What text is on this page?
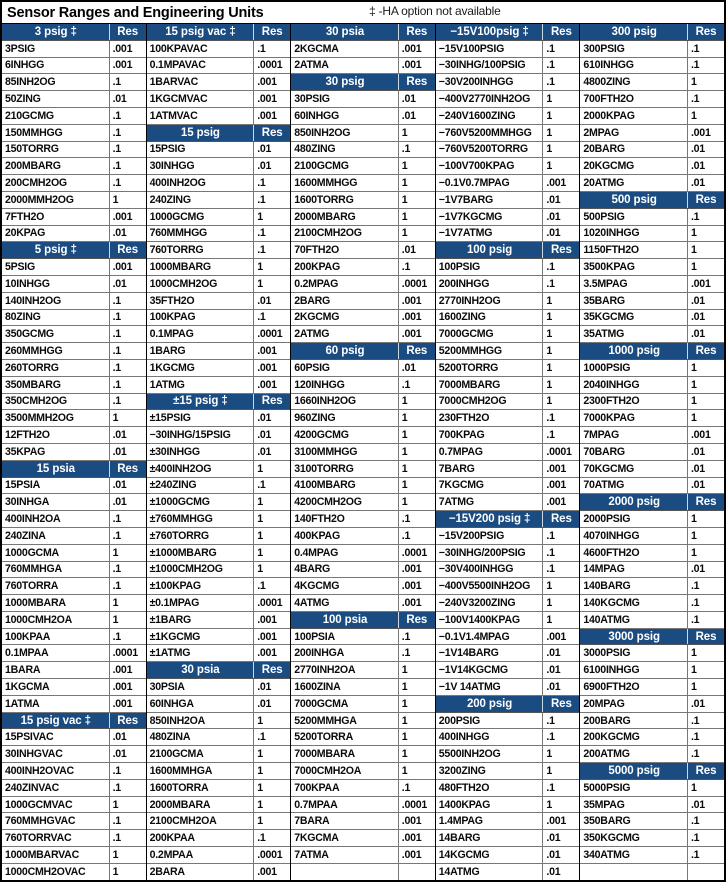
Sensor Ranges and Engineering Units	‡ -HA option not available
3 psig ‡	Res
3PSIG	.001
6INHGG	.001
85INH2OG	.1
50ZING	.01
210GCMG	.1
150MMHGG	.1
150TORRG	.1
200MBARG	.1
200CMH2OG	.1
2000MMH2OG	1
7FTH2O	.001
20KPAG	.01
5 psig ‡	Res
5PSIG	.001
10INHGG	.01
140INH2OG	.1
80ZING	.1
350GCMG	.1
260MMHGG	.1
260TORRG	.1
350MBARG	.1
350CMH2OG	.1
3500MMH2OG	1
12FTH2O	.01
35KPAG	.01
15 psia	Res
15PSIA	.01
30INHGA	.01
400INH2OA	.1
240ZINA	.1
1000GCMA	1
760MMHGA	.1
760TORRA	.1
1000MBARA	1
1000CMH2OA	1
100KPAA	.1
0.1MPAA	.0001
1BARA	.001
1KGCMA	.001
1ATMA	.001
15 psig vac ‡	Res
15PSIVAC	.01
30INHGVAC	.01
400INH2OVAC	.1
240ZINVAC	.1
1000GCMVAC	1
760MMHGVAC	.1
760TORRVAC	.1
1000MBARVAC	1
1000CMH2OVAC	1
15 psig vac ‡	Res
100KPAVAC	.1
0.1MPAVAC	.0001
1BARVAC	.001
1KGCMVAC	.001
1ATMVAC	.001
15 psig	Res
15PSIG	.01
30INHGG	.01
400INH2OG	.1
240ZING	.1
1000GCMG	1
760MMHGG	.1
760TORRG	.1
1000MBARG	1
1000CMH2OG	1
35FTH2O	.01
100KPAG	.1
0.1MPAG	.0001
1BARG	.001
1KGCMG	.001
1ATMG	.001
±15 psig ‡	Res
±15PSIG	.01
−30INHG/15PSIG	.01
±30INHGG	.01
±400INH2OG	1
±240ZING	.1
±1000GCMG	1
±760MMHGG	1
±760TORRG	1
±1000MBARG	1
±1000CMH2OG	1
±100KPAG	.1
±0.1MPAG	.0001
±1BARG	.001
±1KGCMG	.001
±1ATMG	.001
30 psia	Res
30PSIA	.01
60INHGA	.01
850INH2OA	1
480ZINA	.1
2100GCMA	1
1600MMHGA	1
1600TORRA	1
2000MBARA	1
2100CMH2OA	1
200KPAA	.1
0.2MPAA	.0001
2BARA	.001
30 psia	Res
2KGCMA	.001
2ATMA	.001
30 psig	Res
30PSIG	.01
60INHGG	.01
850INH2OG	1
480ZING	.1
2100GCMG	1
1600MMHGG	1
1600TORRG	1
2000MBARG	1
2100CMH2OG	1
70FTH2O	.01
200KPAG	.1
0.2MPAG	.0001
2BARG	.001
2KGCMG	.001
2ATMG	.001
60 psig	Res
60PSIG	.01
120INHGG	.1
1660INH2OG	1
960ZING	1
4200GCMG	1
3100MMHGG	1
3100TORRG	1
4100MBARG	1
4200CMH2OG	1
140FTH2O	.1
400KPAG	.1
0.4MPAG	.0001
4BARG	.001
4KGCMG	.001
4ATMG	.001
100 psia	Res
100PSIA	.1
200INHGA	.1
2770INH2OA	1
1600ZINA	1
7000GCMA	1
5200MMHGA	1
5200TORRA	1
7000MBARA	1
7000CMH2OA	1
700KPAA	.1
0.7MPAA	.0001
7BARA	.001
7KGCMA	.001
7ATMA	.001
−15V100psig ‡	Res
−15V100PSIG	.1
−30INHG/100PSIG	.1
−30V200INHGG	.1
−400V2770INH2OG	1
−240V1600ZING	1
−760V5200MMHGG	1
−760V5200TORRG	1
−100V700KPAG	1
−0.1V0.7MPAG	.001
−1V7BARG	.01
−1V7KGCMG	.01
−1V7ATMG	.01
100 psig	Res
100PSIG	.1
200INHGG	.1
2770INH2OG	1
1600ZING	1
7000GCMG	1
5200MMHGG	1
5200TORRG	1
7000MBARG	1
7000CMH2OG	1
230FTH2O	.1
700KPAG	.1
0.7MPAG	.0001
7BARG	.001
7KGCMG	.001
7ATMG	.001
−15V200 psig ‡	Res
−15V200PSIG	.1
−30INHG/200PSIG	.1
−30V400INHGG	.1
−400V5500INH2OG	1
−240V3200ZING	1
−100V1400KPAG	1
−0.1V1.4MPAG	.001
−1V14BARG	.01
−1V14KGCMG	.01
−1V 14ATMG	.01
200 psig	Res
200PSIG	.1
400INHGG	.1
5500INH2OG	1
3200ZING	1
480FTH2O	.1
1400KPAG	1
1.4MPAG	.001
14BARG	.01
14KGCMG	.01
14ATMG	.01
300 psig	Res
300PSIG	.1
610INHGG	.1
4800ZING	1
700FTH2O	.1
2000KPAG	1
2MPAG	.001
20BARG	.01
20KGCMG	.01
20ATMG	.01
500 psig	Res
500PSIG	.1
1020INHGG	1
1150FTH2O	1
3500KPAG	1
3.5MPAG	.001
35BARG	.01
35KGCMG	.01
35ATMG	.01
1000 psig	Res
1000PSIG	1
2040INHGG	1
2300FTH2O	1
7000KPAG	1
7MPAG	.001
70BARG	.01
70KGCMG	.01
70ATMG	.01
2000 psig	Res
2000PSIG	1
4070INHGG	1
4600FTH2O	1
14MPAG	.01
140BARG	.1
140KGCMG	.1
140ATMG	.1
3000 psig	Res
3000PSIG	1
6100INHGG	1
6900FTH2O	1
20MPAG	.01
200BARG	.1
200KGCMG	.1
200ATMG	.1
5000 psig	Res
5000PSIG	1
35MPAG	.01
350BARG	.1
350KGCMG	.1
340ATMG	.1
